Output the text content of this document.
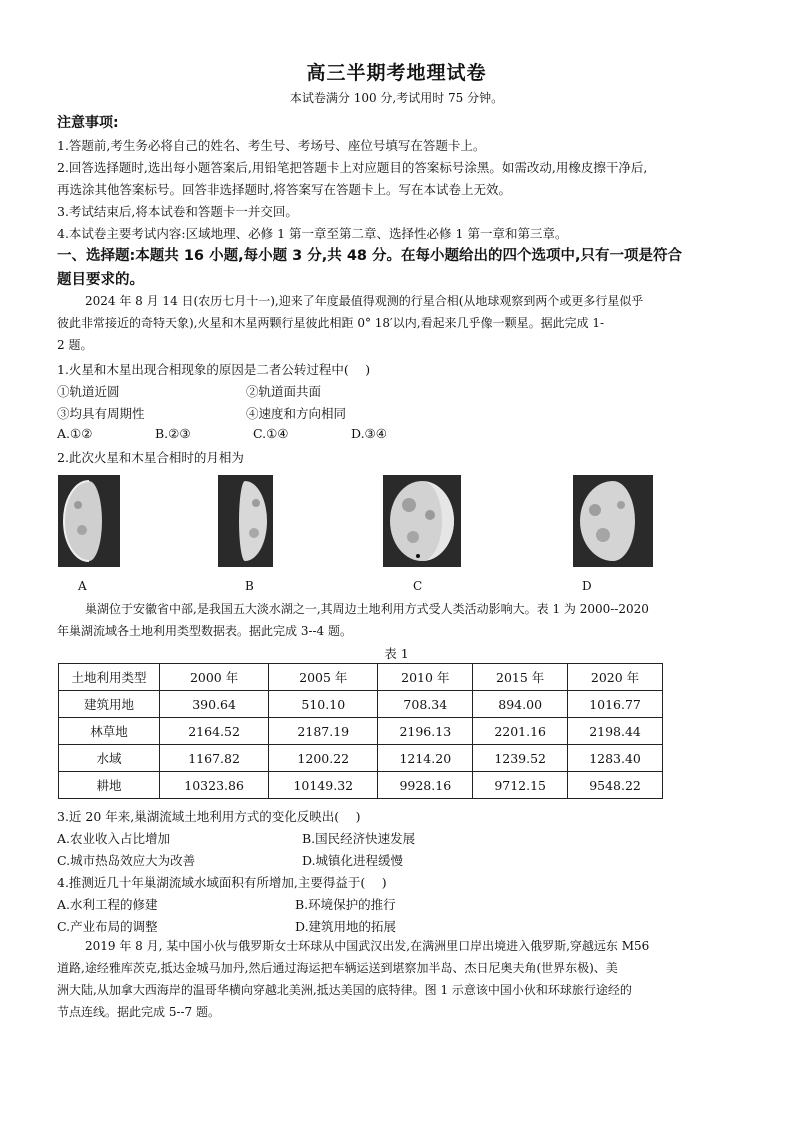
高三半期考地理试卷
本试卷满分 100 分,考试用时 75 分钟。
注意事项:
1.答题前,考生务必将自己的姓名、考生号、考场号、座位号填写在答题卡上。
2.回答选择题时,选出每小题答案后,用铅笔把答题卡上对应题目的答案标号涂黑。如需改动,用橡皮擦干净后,
再选涂其他答案标号。回答非选择题时,将答案写在答题卡上。写在本试卷上无效。
3.考试结束后,将本试卷和答题卡一并交回。
4.本试卷主要考试内容:区域地理、必修 1 第一章至第二章、选择性必修 1 第一章和第三章。
一、选择题:本题共 16 小题,每小题 3 分,共 48 分。在每小题给出的四个选项中,只有一项是符合
题目要求的。
2024 年 8 月 14 日(农历七月十一),迎来了年度最值得观测的行星合相(从地球观察到两个或更多行星似乎
彼此非常接近的奇特天象),火星和木星两颗行星彼此相距 0° 18′以内,看起来几乎像一颗星。据此完成 1-
2 题。
1.火星和木星出现合相现象的原因是二者公转过程中(　 )
①轨道近圆	②轨道面共面
③均具有周期性	④速度和方向相同
A.①②	B.②③	C.①④	D.③④
2.此次火星和木星合相时的月相为
A	B	C	D
巢湖位于安徽省中部,是我国五大淡水湖之一,其周边土地利用方式受人类活动影响大。表 1 为 2000--2020
年巢湖流域各土地利用类型数据表。据此完成 3--4 题。
表 1
土地利用类型	2000 年	2005 年	2010 年	2015 年	2020 年
建筑用地	390.64	510.10	708.34	894.00	1016.77
林草地	2164.52	2187.19	2196.13	2201.16	2198.44
水域	1167.82	1200.22	1214.20	1239.52	1283.40
耕地	10323.86	10149.32	9928.16	9712.15	9548.22
3.近 20 年来,巢湖流域土地利用方式的变化反映出(　 )
A.农业收入占比增加	B.国民经济快速发展
C.城市热岛效应大为改善	D.城镇化进程缓慢
4.推测近几十年巢湖流域水域面积有所增加,主要得益于(　 )
A.水利工程的修建	B.环境保护的推行
C.产业布局的调整	D.建筑用地的拓展
2019 年 8 月, 某中国小伙与俄罗斯女士环球从中国武汉出发,在满洲里口岸出境进入俄罗斯,穿越远东 M56
道路,途经雅库茨克,抵达金城马加丹,然后通过海运把车辆运送到堪察加半岛、杰日尼奥夫角(世界东极)、美
洲大陆,从加拿大西海岸的温哥华横向穿越北美洲,抵达美国的底特律。图 1 示意该中国小伙和环球旅行途经的
节点连线。据此完成 5--7 题。
